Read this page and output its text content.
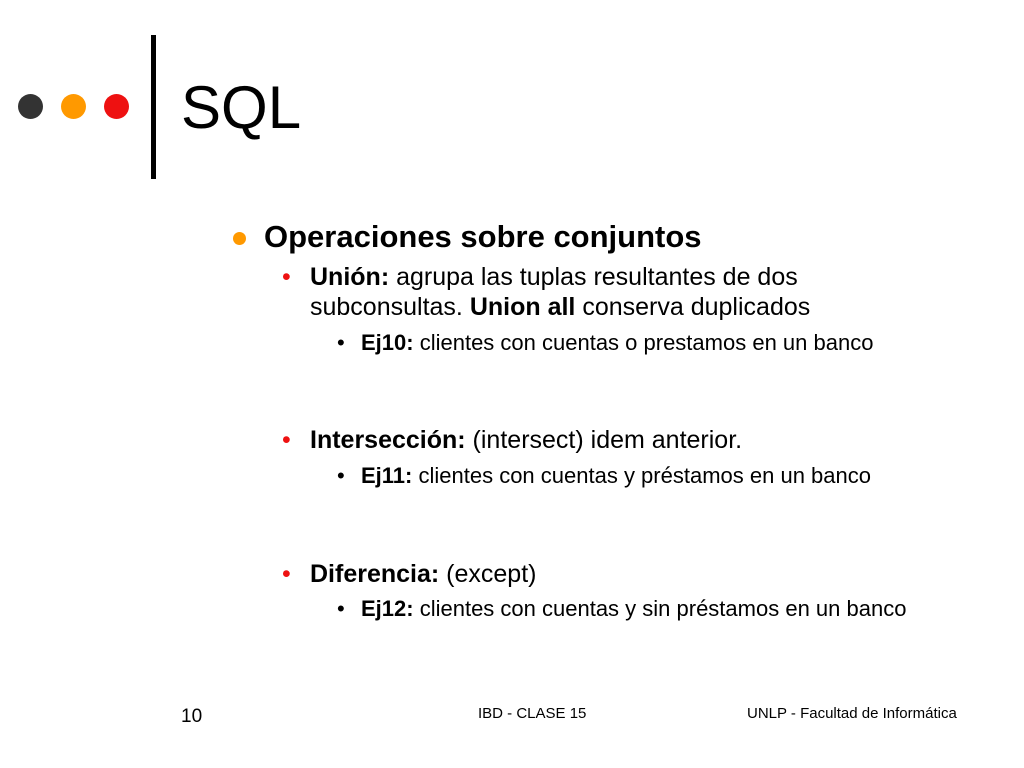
SQL
Operaciones sobre conjuntos
• Unión: agrupa las tuplas resultantes de dos subconsultas. Union all conserva duplicados
• Ej10: clientes con cuentas o prestamos en un banco
• Intersección: (intersect) idem anterior.
• Ej11: clientes con cuentas y préstamos en un banco
• Diferencia: (except)
• Ej12: clientes con cuentas y sin préstamos en un banco
10	IBD - CLASE 15	UNLP - Facultad de Informática
